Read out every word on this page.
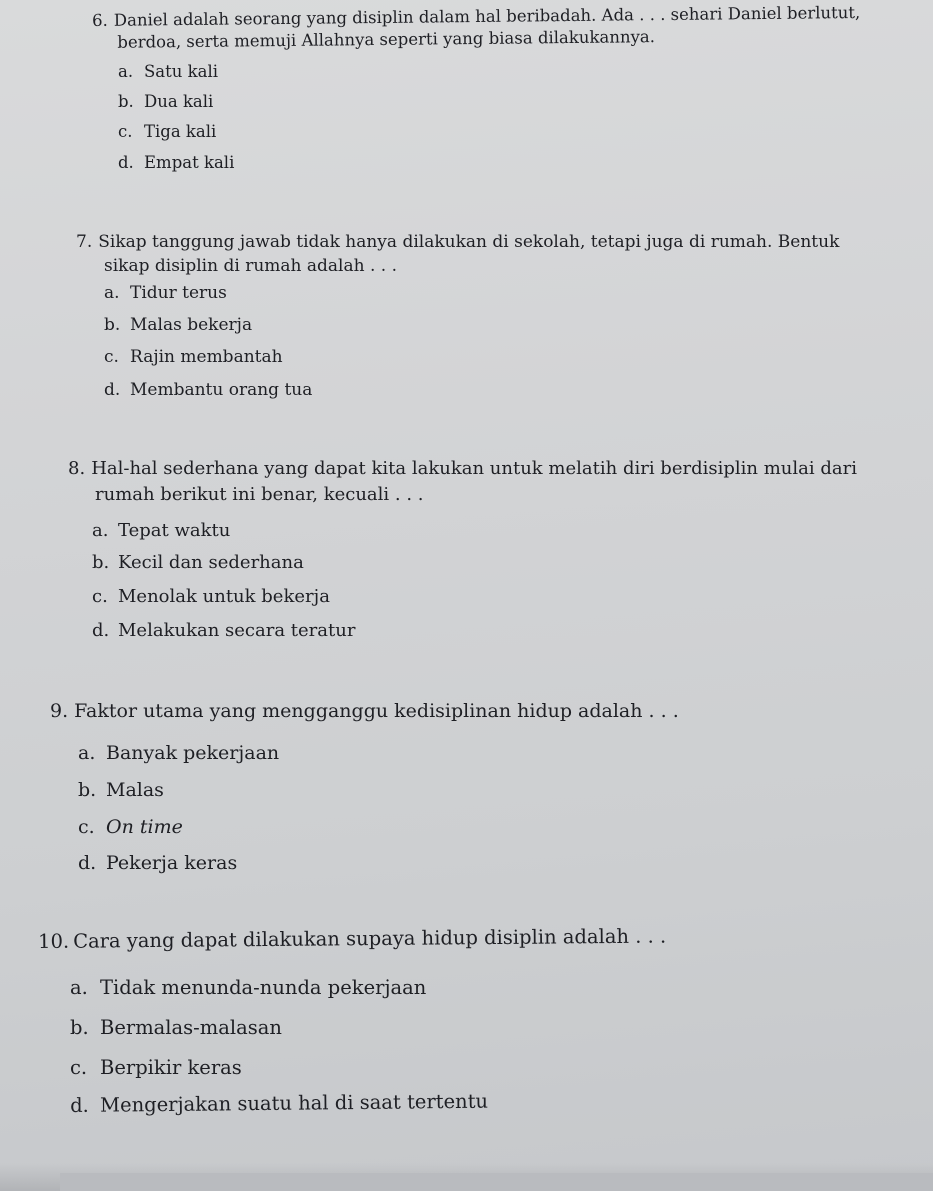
6. Daniel adalah seorang yang disiplin dalam hal beribadah. Ada . . . sehari Daniel berlutut,
berdoa, serta memuji Allahnya seperti yang biasa dilakukannya.
a. Satu kali
b. Dua kali
c. Tiga kali
d. Empat kali
7. Sikap tanggung jawab tidak hanya dilakukan di sekolah, tetapi juga di rumah. Bentuk
sikap disiplin di rumah adalah . . .
a. Tidur terus
b. Malas bekerja
c. Rajin membantah
d. Membantu orang tua
8. Hal-hal sederhana yang dapat kita lakukan untuk melatih diri berdisiplin mulai dari
rumah berikut ini benar, kecuali . . .
a. Tepat waktu
b. Kecil dan sederhana
c. Menolak untuk bekerja
d. Melakukan secara teratur
9. Faktor utama yang mengganggu kedisiplinan hidup adalah . . .
a. Banyak pekerjaan
b. Malas
c. On time
d. Pekerja keras
10. Cara yang dapat dilakukan supaya hidup disiplin adalah . . .
a. Tidak menunda-nunda pekerjaan
b. Bermalas-malasan
c. Berpikir keras
d. Mengerjakan suatu hal di saat tertentu
